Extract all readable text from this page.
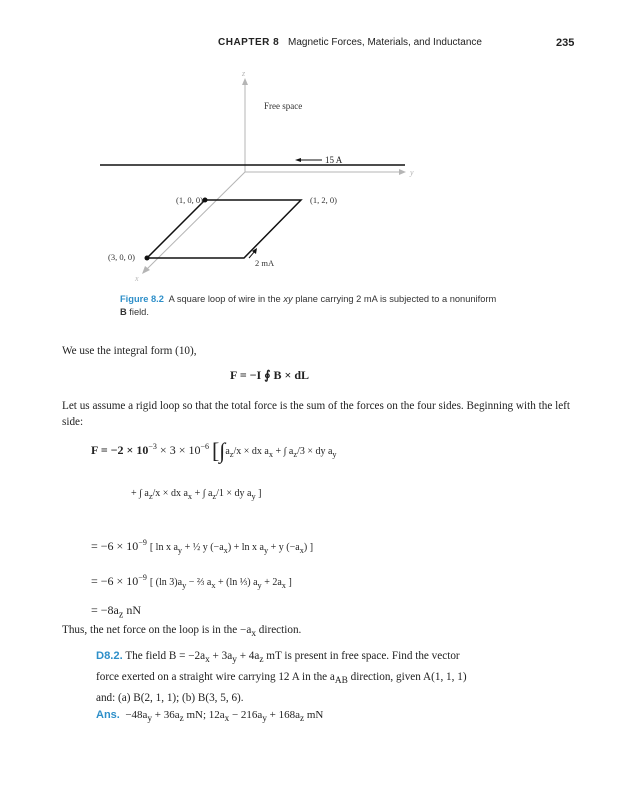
CHAPTER 8 Magnetic Forces, Materials, and Inductance	235
z
y
x
Free space
15 A
(1, 0, 0)	(1, 2, 0)
(3, 0, 0)
2 mA
Figure 8.2 A square loop of wire in the xy plane carrying 2 mA is subjected to a nonuniform B field.
We use the integral form (10),
F = −I ∮ B × dL
Let us assume a rigid loop so that the total force is the sum of the forces on the four sides. Beginning with the left side:
$F = -2 \times 10^{-3} \times 3 \times 10^{-6}$ [$\int a_z/x$ × dx $a_x$ + ∫ $a_z/3$ × dy $a_y$
+ ∫ $a_z/x$ × dx $a_x$ + ∫ $a_z/1$ × dy $a_y$ ]
= $-6 \times 10^{-9}$ [ ln x $a_y$ + ½ y $(-a_x) + \ln x$ $a_y + y$ $(-a_x)$ ]
= $-6 \times 10^{-9}$ [ (ln $3)a_y$ − ⅔ $a_x + (\ln$ ⅓) $a_y + 2a_x$ ]
= $-8a_z$ nN
Thus, the net force on the loop is in the $-a_x$ direction.
D8.2. The field $B = -2a_x + 3a_y + 4a_z$ mT is present in free space. Find the vector force exerted on a straight wire carrying 12 A in the $a_{AB}$ direction, given A(1, 1, 1) and: (a) B(2, 1, 1); (b) B(3, 5, 6).
Ans. $-48a_y + 36a_z$ mN; $12a_x - 216a_y + 168a_z$ mN
